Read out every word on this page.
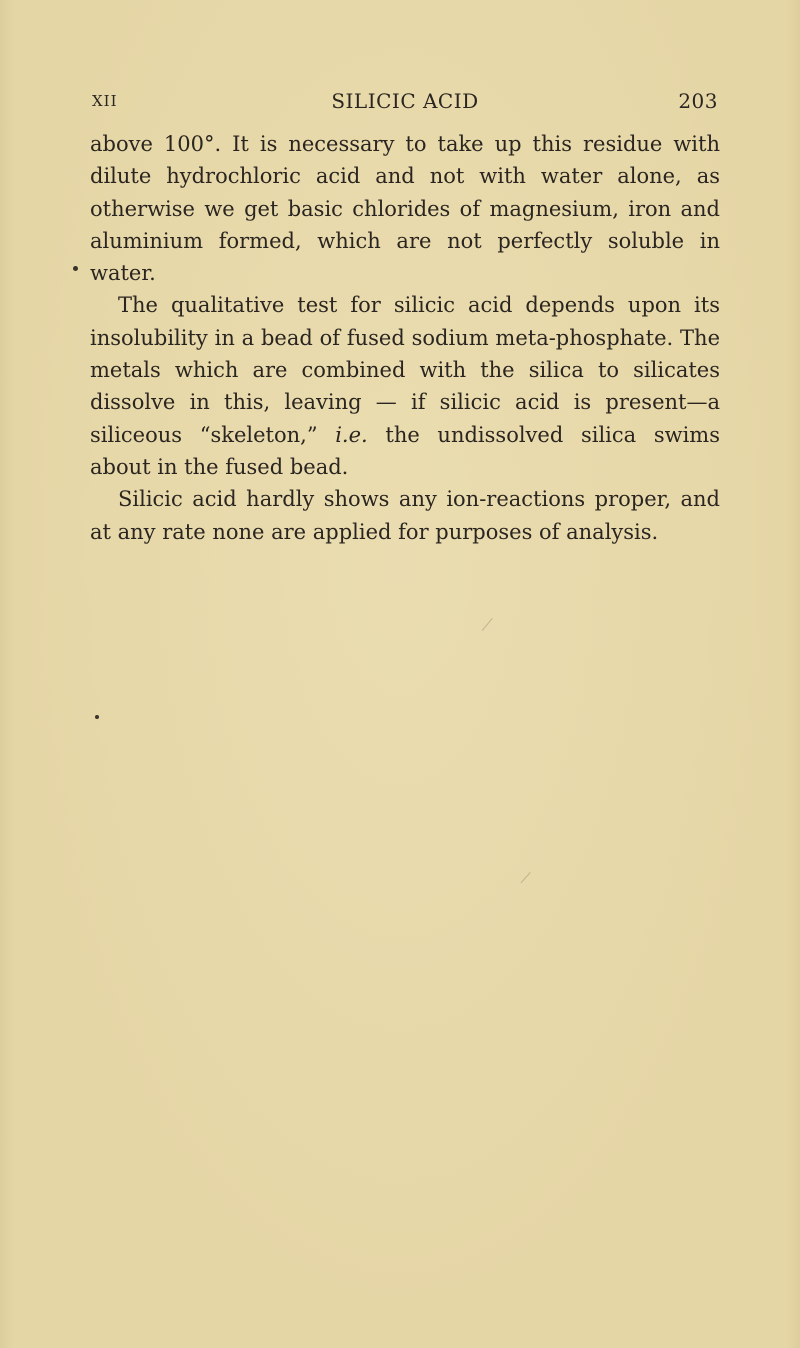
XII	SILICIC ACID	203

above 100°. It is necessary to take up this residue with dilute hydrochloric acid and not with water alone, as otherwise we get basic chlorides of magnesium, iron and aluminium formed, which are not perfectly soluble in water.

The qualitative test for silicic acid depends upon its insolubility in a bead of fused sodium meta-phosphate. The metals which are combined with the silica to silicates dissolve in this, leaving — if silicic acid is present—a siliceous “skeleton,” i.e. the undissolved silica swims about in the fused bead.

Silicic acid hardly shows any ion-reactions proper, and at any rate none are applied for purposes of analysis.
